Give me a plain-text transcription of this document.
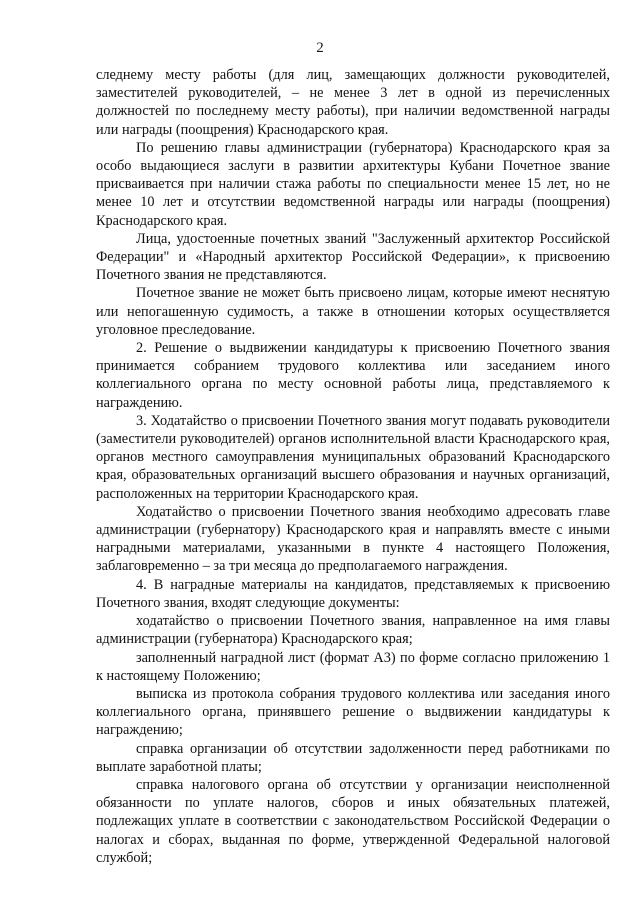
2

следнему месту работы (для лиц, замещающих должности руководителей, заместителей руководителей, – не менее 3 лет в одной из перечисленных должностей по последнему месту работы), при наличии ведомственной награды или награды (поощрения) Краснодарского края.

По решению главы администрации (губернатора) Краснодарского края за особо выдающиеся заслуги в развитии архитектуры Кубани Почетное звание присваивается при наличии стажа работы по специальности менее 15 лет, но не менее 10 лет и отсутствии ведомственной награды или награды (поощрения) Краснодарского края.

Лица, удостоенные почетных званий "Заслуженный архитектор Российской Федерации" и «Народный архитектор Российской Федерации», к присвоению Почетного звания не представляются.

Почетное звание не может быть присвоено лицам, которые имеют неснятую или непогашенную судимость, а также в отношении которых осуществляется уголовное преследование.

2. Решение о выдвижении кандидатуры к присвоению Почетного звания принимается собранием трудового коллектива или заседанием иного коллегиального органа по месту основной работы лица, представляемого к награждению.

3. Ходатайство о присвоении Почетного звания могут подавать руководители (заместители руководителей) органов исполнительной власти Краснодарского края, органов местного самоуправления муниципальных образований Краснодарского края, образовательных организаций высшего образования и научных организаций, расположенных на территории Краснодарского края.

Ходатайство о присвоении Почетного звания необходимо адресовать главе администрации (губернатору) Краснодарского края и направлять вместе с иными наградными материалами, указанными в пункте 4 настоящего Положения, заблаговременно – за три месяца до предполагаемого награждения.

4. В наградные материалы на кандидатов, представляемых к присвоению Почетного звания, входят следующие документы:

ходатайство о присвоении Почетного звания, направленное на имя главы администрации (губернатора) Краснодарского края;

заполненный наградной лист (формат А3) по форме согласно приложению 1 к настоящему Положению;

выписка из протокола собрания трудового коллектива или заседания иного коллегиального органа, принявшего решение о выдвижении кандидатуры к награждению;

справка организации об отсутствии задолженности перед работниками по выплате заработной платы;

справка налогового органа об отсутствии у организации неисполненной обязанности по уплате налогов, сборов и иных обязательных платежей, подлежащих уплате в соответствии с законодательством Российской Федерации о налогах и сборах, выданная по форме, утвержденной Федеральной налоговой службой;
